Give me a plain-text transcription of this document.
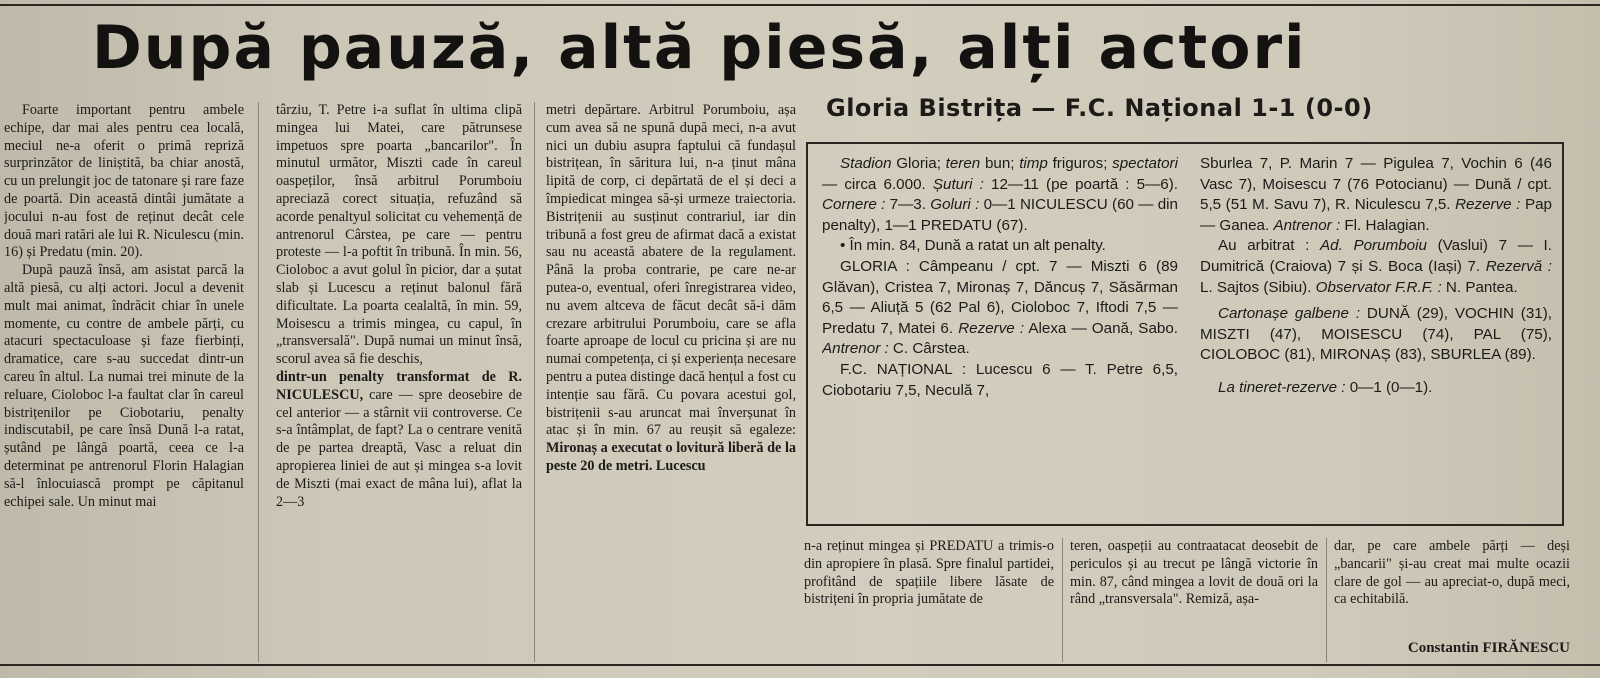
După pauză, altă piesă, alți actori

Foarte important pentru ambele echipe, dar mai ales pentru cea locală, meciul ne-a oferit o primă repriză surprinzător de liniștită, ba chiar anostă, cu un prelungit joc de tatonare și rare faze de poartă. Din această dintâi jumătate a jocului n-au fost de reținut decât cele două mari ratări ale lui R. Niculescu (min. 16) și Predatu (min. 20).

După pauză însă, am asistat parcă la altă piesă, cu alți actori. Jocul a devenit mult mai animat, îndrăcit chiar în unele momente, cu contre de ambele părți, cu atacuri spectaculoase și faze fierbinți, dramatice, care s-au succedat dintr-un careu în altul. La numai trei minute de la reluare, Cioloboc l-a faultat clar în careul bistrițenilor pe Ciobotariu, penalty indiscutabil, pe care însă Dună l-a ratat, șutând pe lângă poartă, ceea ce l-a determinat pe antrenorul Florin Halagian să-l înlocuiască prompt pe căpitanul echipei sale. Un minut mai

târziu, T. Petre i-a suflat în ultima clipă mingea lui Matei, care pătrunsese impetuos spre poarta „bancarilor". În minutul următor, Miszti cade în careul oaspeților, însă arbitrul Porumboiu apreciază corect situația, refuzând să acorde penaltyul solicitat cu vehemență de antrenorul Cârstea, pe care — pentru proteste — l-a poftit în tribună. În min. 56, Cioloboc a avut golul în picior, dar a șutat slab și Lucescu a reținut balonul fără dificultate. La poarta cealaltă, în min. 59, Moisescu a trimis mingea, cu capul, în „transversală". După numai un minut însă, scorul avea să fie deschis,

dintr-un penalty transformat de R. NICULESCU, care — spre deosebire de cel anterior — a stârnit vii controverse. Ce s-a întâmplat, de fapt? La o centrare venită de pe partea dreaptă, Vasc a reluat din apropierea liniei de aut și mingea s-a lovit de Miszti (mai exact de mâna lui), aflat la 2—3

metri depărtare. Arbitrul Porumboiu, așa cum avea să ne spună după meci, n-a avut nici un dubiu asupra faptului că fundașul bistrițean, în săritura lui, n-a ținut mâna lipită de corp, ci depărtată de el și deci a împiedicat mingea să-și urmeze traiectoria. Bistrițenii au susținut contrariul, iar din tribună a fost greu de afirmat dacă a existat sau nu această abatere de la regulament. Până la proba contrarie, pe care ne-ar putea-o, eventual, oferi înregistrarea video, nu avem altceva de făcut decât să-i dăm crezare arbitrului Porumboiu, care se afla foarte aproape de locul cu pricina și are nu numai competența, ci și experiența necesare pentru a putea distinge dacă hențul a fost cu intenție sau fără. Cu povara acestui gol, bistrițenii s-au aruncat mai înverșunat în atac și în min. 67 au reușit să egaleze: Mironaș a executat o lovitură liberă de la peste 20 de metri. Lucescu

Gloria Bistrița — F.C. Național 1-1 (0-0)

Stadion Gloria; teren bun; timp friguros; spectatori — circa 6.000. Șuturi : 12—11 (pe poartă : 5—6). Cornere : 7—3. Goluri : 0—1 NICULESCU (60 — din penalty), 1—1 PREDATU (67).

• În min. 84, Dună a ratat un alt penalty.

GLORIA : Câmpeanu / cpt. 7 — Miszti 6 (89 Glăvan), Cristea 7, Mironaș 7, Dăncuș 7, Săsărman 6,5 — Aliuță 5 (62 Pal 6), Cioloboc 7, Iftodi 7,5 — Predatu 7, Matei 6. Rezerve : Alexa — Oană, Sabo. Antrenor : C. Cârstea.

F.C. NAȚIONAL : Lucescu 6 — T. Petre 6,5, Ciobotariu 7,5, Neculă 7,

Sburlea 7, P. Marin 7 — Pigulea 7, Vochin 6 (46 Vasc 7), Moisescu 7 (76 Potocianu) — Dună / cpt. 5,5 (51 M. Savu 7), R. Niculescu 7,5. Rezerve : Pap — Ganea. Antrenor : Fl. Halagian.

Au arbitrat : Ad. Porumboiu (Vaslui) 7 — I. Dumitrică (Craiova) 7 și S. Boca (Iași) 7. Rezervă : L. Sajtos (Sibiu). Observator F.R.F. : N. Pantea.

Cartonașe galbene : DUNĂ (29), VOCHIN (31), MISZTI (47), MOISESCU (74), PAL (75), CIOLOBOC (81), MIRONAȘ (83), SBURLEA (89).

La tineret-rezerve : 0—1 (0—1).

n-a reținut mingea și PREDATU a trimis-o din apropiere în plasă. Spre finalul partidei, profitând de spațiile libere lăsate de bistrițeni în propria jumătate de

teren, oaspeții au contraatacat deosebit de periculos și au trecut pe lângă victorie în min. 87, când mingea a lovit de două ori la rând „transversala". Remiză, așa-

dar, pe care ambele părți — deși „bancarii" și-au creat mai multe ocazii clare de gol — au apreciat-o, după meci, ca echitabilă.

Constantin FIRĂNESCU
